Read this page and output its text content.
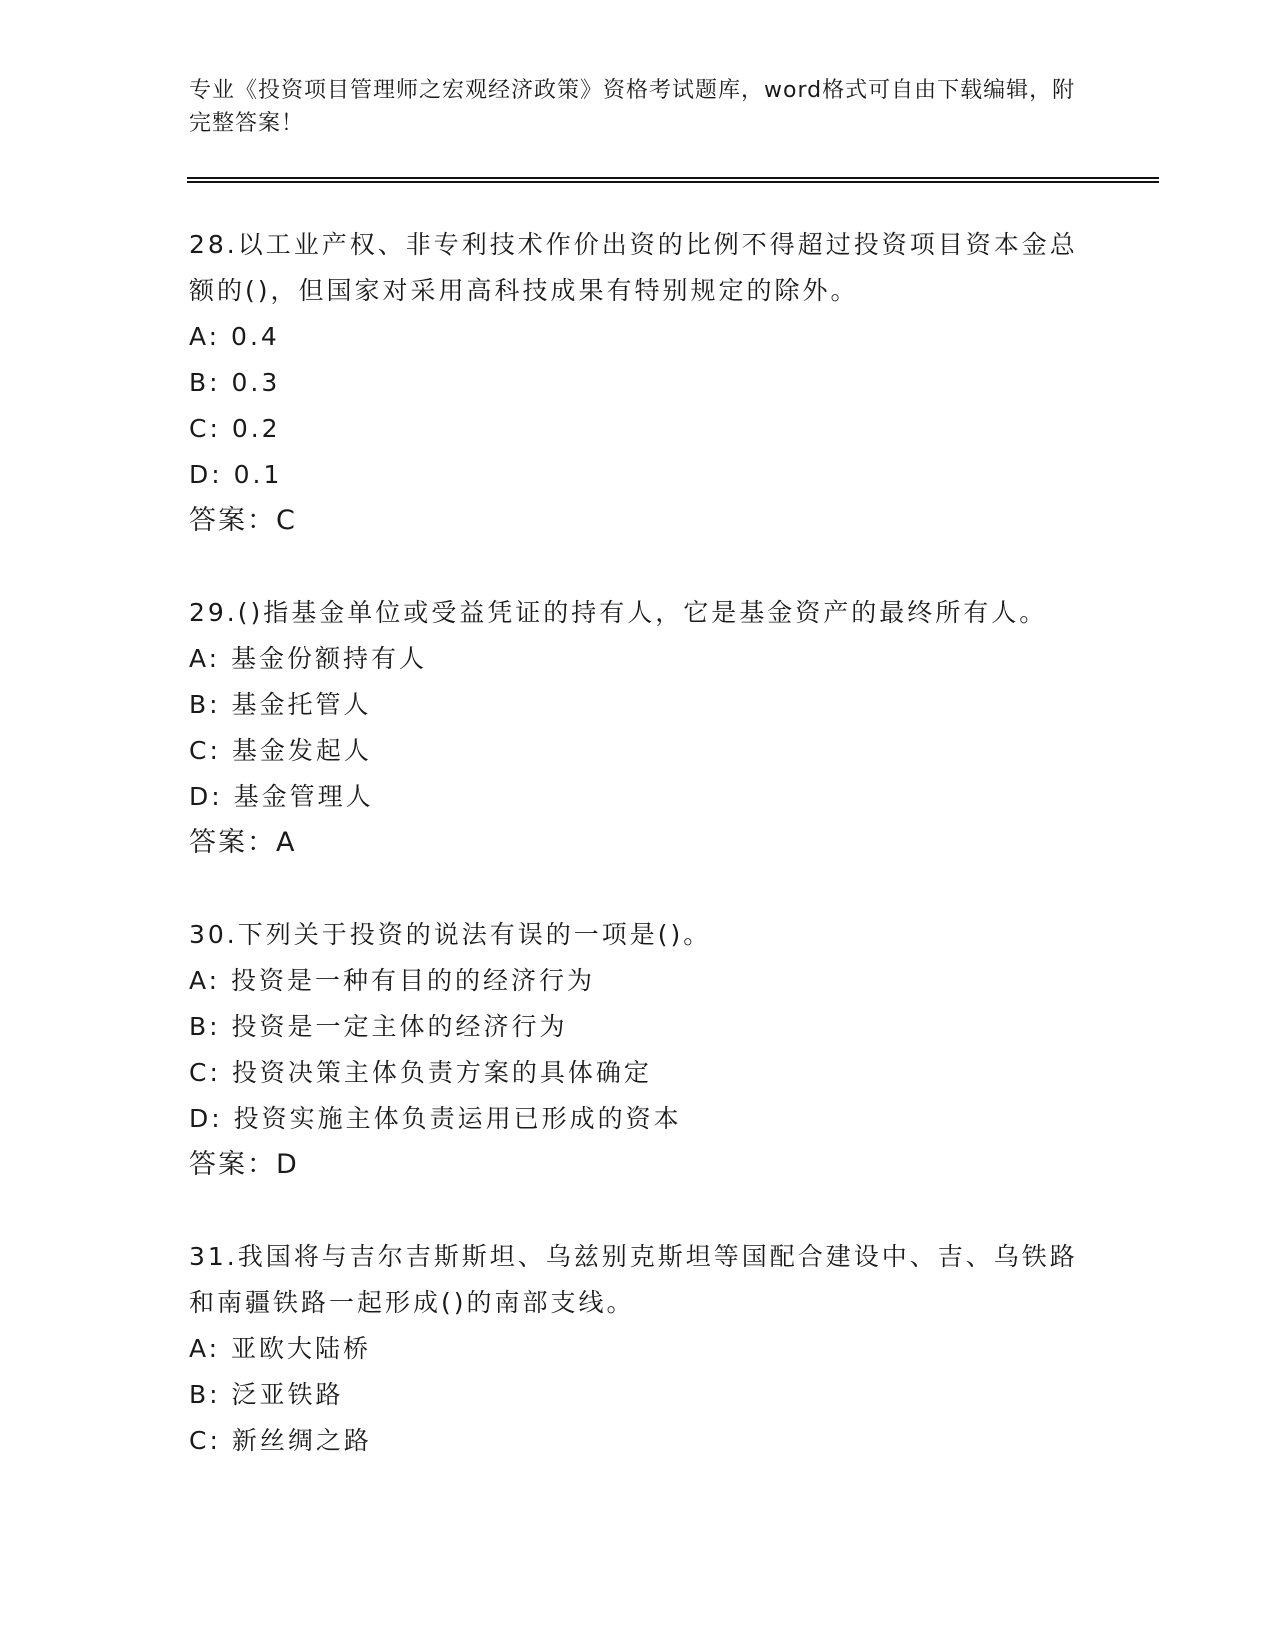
专业《投资项目管理师之宏观经济政策》资格考试题库，word格式可自由下载编辑，附完整答案！

28.以工业产权、非专利技术作价出资的比例不得超过投资项目资本金总额的()，但国家对采用高科技成果有特别规定的除外。

A: 0.4

B: 0.3

C: 0.2

D: 0.1

答案：C

29.()指基金单位或受益凭证的持有人，它是基金资产的最终所有人。

A: 基金份额持有人

B: 基金托管人

C: 基金发起人

D: 基金管理人

答案：A

30.下列关于投资的说法有误的一项是()。

A: 投资是一种有目的的经济行为

B: 投资是一定主体的经济行为

C: 投资决策主体负责方案的具体确定

D: 投资实施主体负责运用已形成的资本

答案：D

31.我国将与吉尔吉斯斯坦、乌兹别克斯坦等国配合建设中、吉、乌铁路和南疆铁路一起形成()的南部支线。

A: 亚欧大陆桥

B: 泛亚铁路

C: 新丝绸之路
